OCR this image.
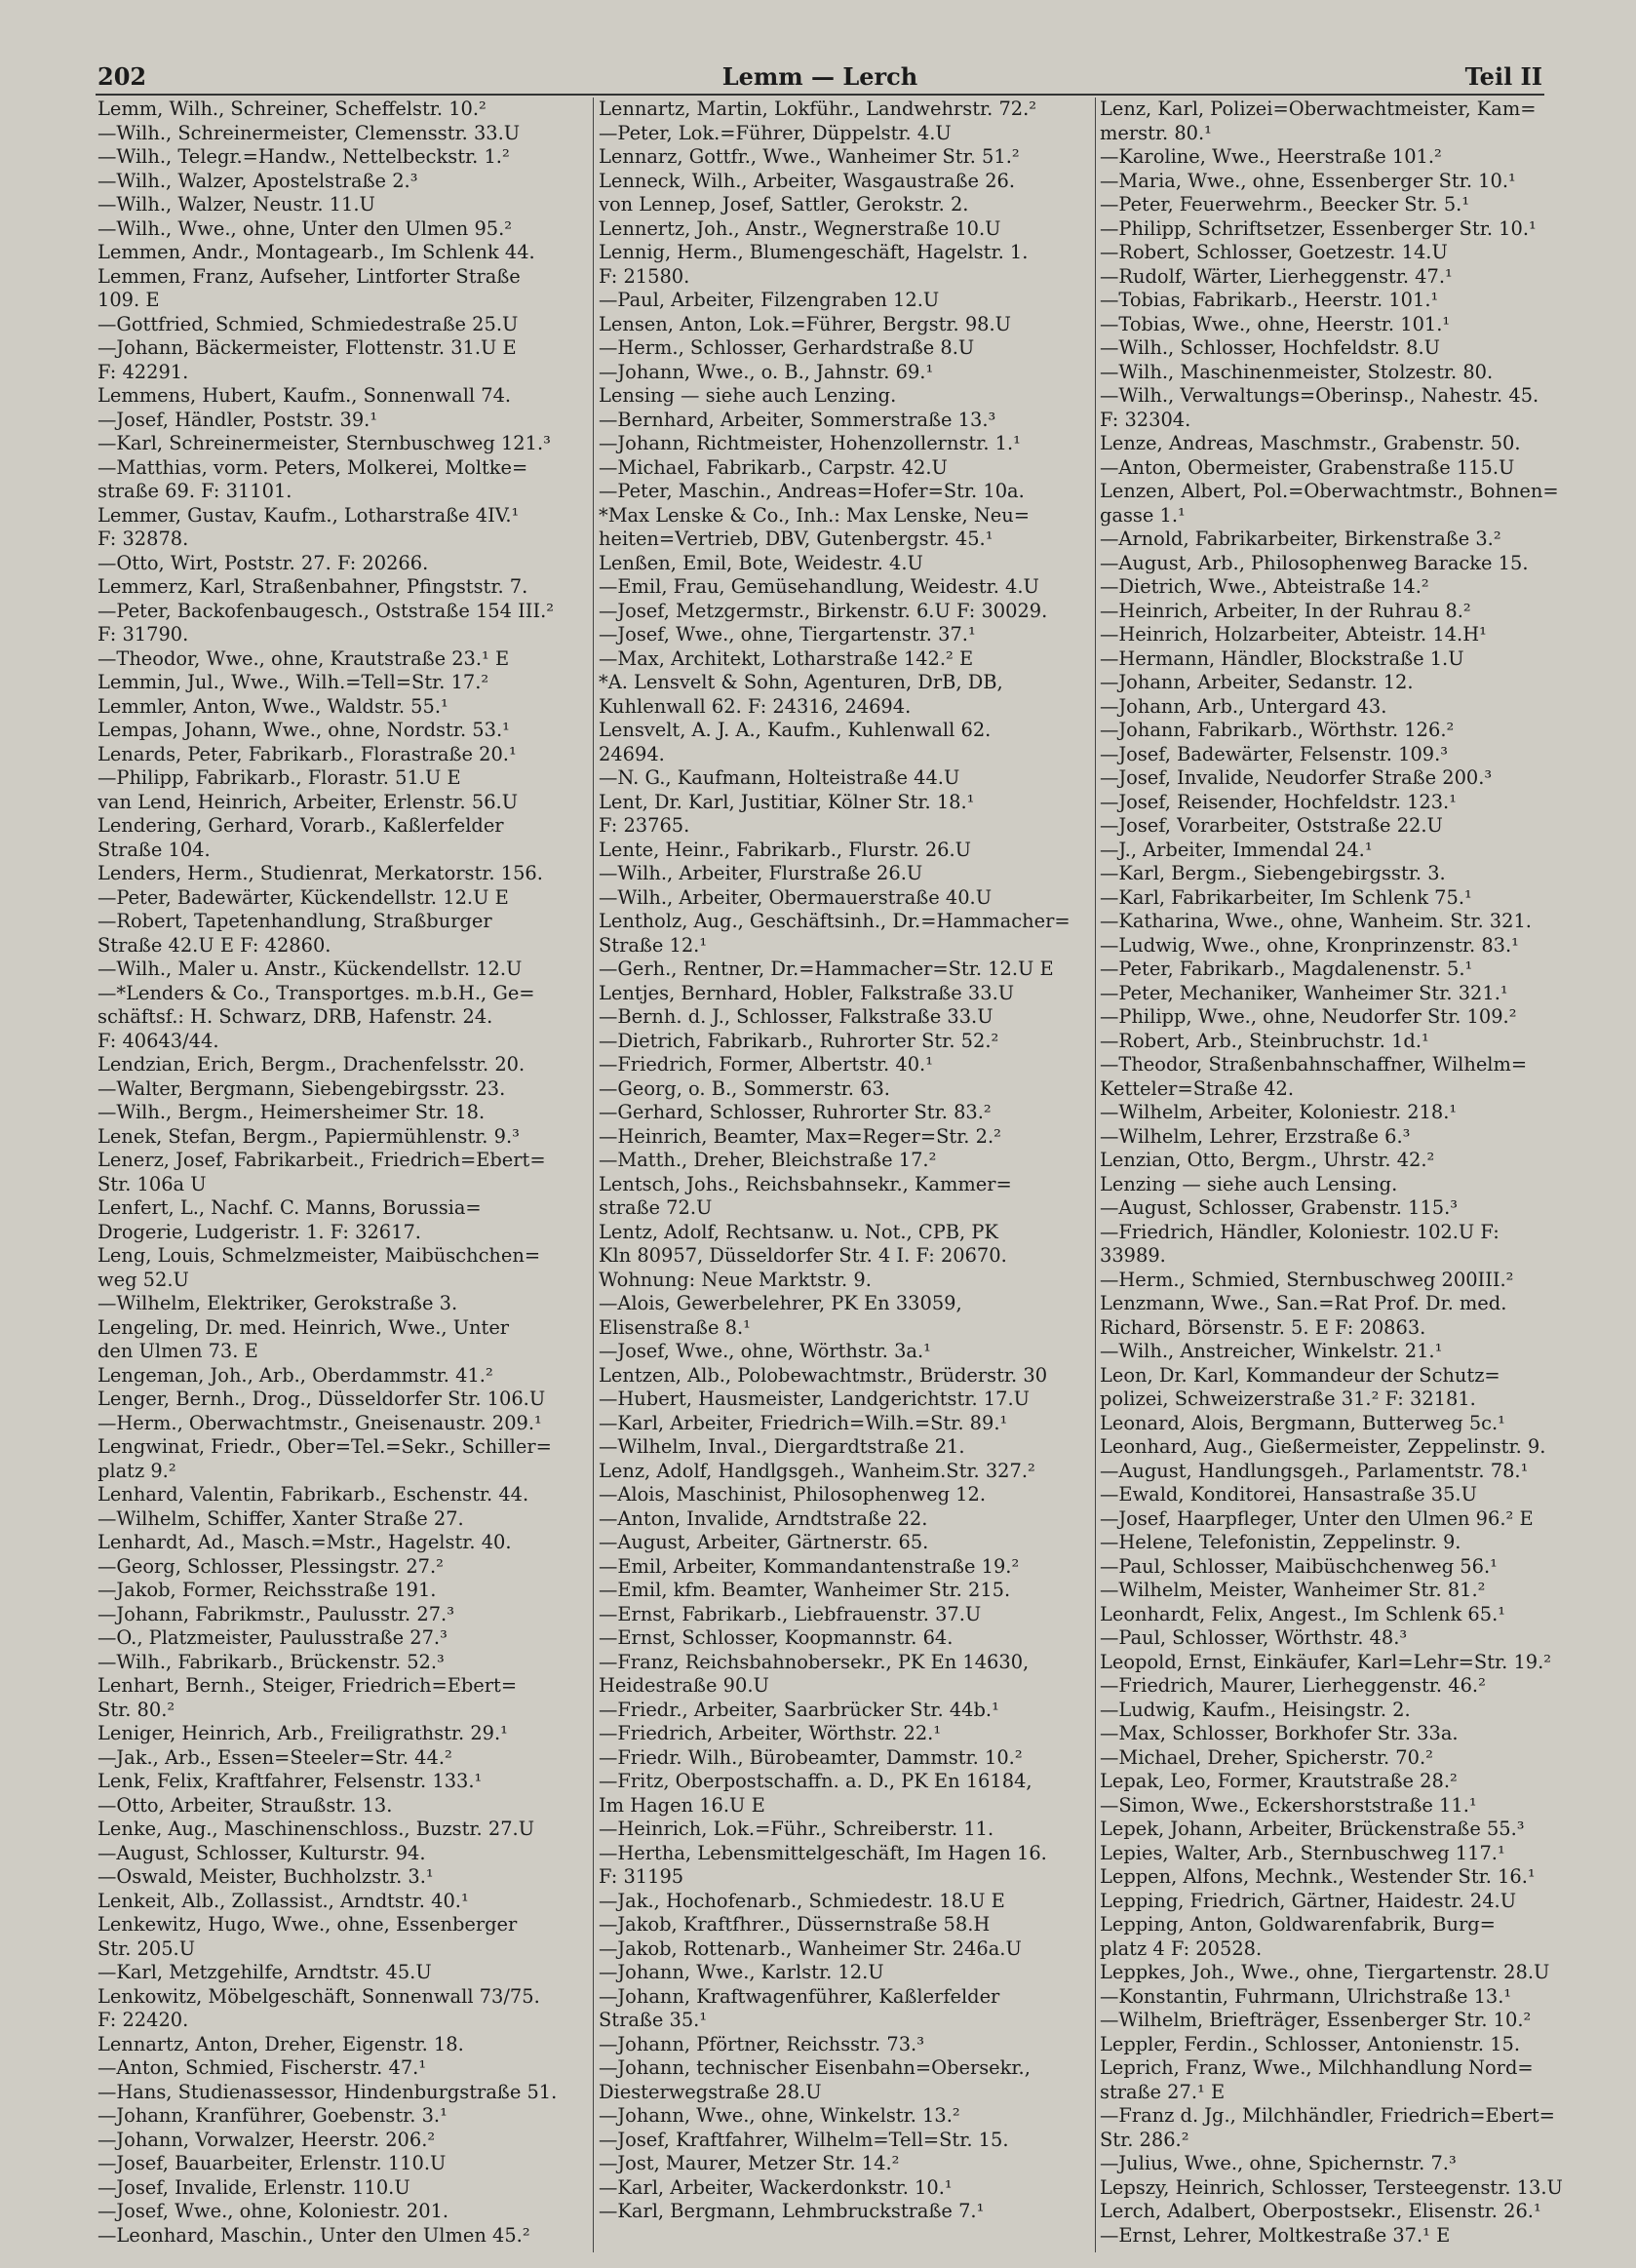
202	Lemm — Lerch	Teil II
Lemm, Wilh., Schreiner, Scheffelstr. 10.²
—Wilh., Schreinermeister, Clemensstr. 33.U
—Wilh., Telegr.=Handw., Nettelbeckstr. 1.²
—Wilh., Walzer, Apostelstraße 2.³
—Wilh., Walzer, Neustr. 11.U
—Wilh., Wwe., ohne, Unter den Ulmen 95.²
Lemmen, Andr., Montagearb., Im Schlenk 44.
Lemmen, Franz, Aufseher, Lintforter Straße
109. E
—Gottfried, Schmied, Schmiedestraße 25.U
—Johann, Bäckermeister, Flottenstr. 31.U E
F: 42291.
Lemmens, Hubert, Kaufm., Sonnenwall 74.
—Josef, Händler, Poststr. 39.¹
—Karl, Schreinermeister, Sternbuschweg 121.³
—Matthias, vorm. Peters, Molkerei, Moltke=
straße 69. F: 31101.
Lemmer, Gustav, Kaufm., Lotharstraße 4IV.¹
F: 32878.
—Otto, Wirt, Poststr. 27. F: 20266.
Lemmerz, Karl, Straßenbahner, Pfingststr. 7.
—Peter, Backofenbaugesch., Oststraße 154 III.²
F: 31790.
—Theodor, Wwe., ohne, Krautstraße 23.¹ E
Lemmin, Jul., Wwe., Wilh.=Tell=Str. 17.²
Lemmler, Anton, Wwe., Waldstr. 55.¹
Lempas, Johann, Wwe., ohne, Nordstr. 53.¹
Lenards, Peter, Fabrikarb., Florastraße 20.¹
—Philipp, Fabrikarb., Florastr. 51.U E
van Lend, Heinrich, Arbeiter, Erlenstr. 56.U
Lendering, Gerhard, Vorarb., Kaßlerfelder
Straße 104.
Lenders, Herm., Studienrat, Merkatorstr. 156.
—Peter, Badewärter, Kückendellstr. 12.U E
—Robert, Tapetenhandlung, Straßburger
Straße 42.U E F: 42860.
—Wilh., Maler u. Anstr., Kückendellstr. 12.U
—*Lenders & Co., Transportges. m.b.H., Ge=
schäftsf.: H. Schwarz, DRB, Hafenstr. 24.
F: 40643/44.
Lendzian, Erich, Bergm., Drachenfelsstr. 20.
—Walter, Bergmann, Siebengebirgsstr. 23.
—Wilh., Bergm., Heimersheimer Str. 18.
Lenek, Stefan, Bergm., Papiermühlenstr. 9.³
Lenerz, Josef, Fabrikarbeit., Friedrich=Ebert=
Str. 106a U
Lenfert, L., Nachf. C. Manns, Borussia=
Drogerie, Ludgeristr. 1. F: 32617.
Leng, Louis, Schmelzmeister, Maibüschchen=
weg 52.U
—Wilhelm, Elektriker, Gerokstraße 3.
Lengeling, Dr. med. Heinrich, Wwe., Unter
den Ulmen 73. E
Lengeman, Joh., Arb., Oberdammstr. 41.²
Lenger, Bernh., Drog., Düsseldorfer Str. 106.U
—Herm., Oberwachtmstr., Gneisenaustr. 209.¹
Lengwinat, Friedr., Ober=Tel.=Sekr., Schiller=
platz 9.²
Lenhard, Valentin, Fabrikarb., Eschenstr. 44.
—Wilhelm, Schiffer, Xanter Straße 27.
Lenhardt, Ad., Masch.=Mstr., Hagelstr. 40.
—Georg, Schlosser, Plessingstr. 27.²
—Jakob, Former, Reichsstraße 191.
—Johann, Fabrikmstr., Paulusstr. 27.³
—O., Platzmeister, Paulusstraße 27.³
—Wilh., Fabrikarb., Brückenstr. 52.³
Lenhart, Bernh., Steiger, Friedrich=Ebert=
Str. 80.²
Leniger, Heinrich, Arb., Freiligrathstr. 29.¹
—Jak., Arb., Essen=Steeler=Str. 44.²
Lenk, Felix, Kraftfahrer, Felsenstr. 133.¹
—Otto, Arbeiter, Straußstr. 13.
Lenke, Aug., Maschinenschloss., Buzstr. 27.U
—August, Schlosser, Kulturstr. 94.
—Oswald, Meister, Buchholzstr. 3.¹
Lenkeit, Alb., Zollassist., Arndtstr. 40.¹
Lenkewitz, Hugo, Wwe., ohne, Essenberger
Str. 205.U
—Karl, Metzgehilfe, Arndtstr. 45.U
Lenkowitz, Möbelgeschäft, Sonnenwall 73/75.
F: 22420.
Lennartz, Anton, Dreher, Eigenstr. 18.
—Anton, Schmied, Fischerstr. 47.¹
—Hans, Studienassessor, Hindenburgstraße 51.
—Johann, Kranführer, Goebenstr. 3.¹
—Johann, Vorwalzer, Heerstr. 206.²
—Josef, Bauarbeiter, Erlenstr. 110.U
—Josef, Invalide, Erlenstr. 110.U
—Josef, Wwe., ohne, Koloniestr. 201.
—Leonhard, Maschin., Unter den Ulmen 45.²
Lennartz, Martin, Lokführ., Landwehrstr. 72.²
—Peter, Lok.=Führer, Düppelstr. 4.U
Lennarz, Gottfr., Wwe., Wanheimer Str. 51.²
Lenneck, Wilh., Arbeiter, Wasgaustraße 26.
von Lennep, Josef, Sattler, Gerokstr. 2.
Lennertz, Joh., Anstr., Wegnerstraße 10.U
Lennig, Herm., Blumengeschäft, Hagelstr. 1.
F: 21580.
—Paul, Arbeiter, Filzengraben 12.U
Lensen, Anton, Lok.=Führer, Bergstr. 98.U
—Herm., Schlosser, Gerhardstraße 8.U
—Johann, Wwe., o. B., Jahnstr. 69.¹
Lensing — siehe auch Lenzing.
—Bernhard, Arbeiter, Sommerstraße 13.³
—Johann, Richtmeister, Hohenzollernstr. 1.¹
—Michael, Fabrikarb., Carpstr. 42.U
—Peter, Maschin., Andreas=Hofer=Str. 10a.
*Max Lenske & Co., Inh.: Max Lenske, Neu=
heiten=Vertrieb, DBV, Gutenbergstr. 45.¹
Lenßen, Emil, Bote, Weidestr. 4.U
—Emil, Frau, Gemüsehandlung, Weidestr. 4.U
—Josef, Metzgermstr., Birkenstr. 6.U F: 30029.
—Josef, Wwe., ohne, Tiergartenstr. 37.¹
—Max, Architekt, Lotharstraße 142.² E
*A. Lensvelt & Sohn, Agenturen, DrB, DB,
Kuhlenwall 62. F: 24316, 24694.
Lensvelt, A. J. A., Kaufm., Kuhlenwall 62.
24694.
—N. G., Kaufmann, Holteistraße 44.U
Lent, Dr. Karl, Justitiar, Kölner Str. 18.¹
F: 23765.
Lente, Heinr., Fabrikarb., Flurstr. 26.U
—Wilh., Arbeiter, Flurstraße 26.U
—Wilh., Arbeiter, Obermauerstraße 40.U
Lentholz, Aug., Geschäftsinh., Dr.=Hammacher=
Straße 12.¹
—Gerh., Rentner, Dr.=Hammacher=Str. 12.U E
Lentjes, Bernhard, Hobler, Falkstraße 33.U
—Bernh. d. J., Schlosser, Falkstraße 33.U
—Dietrich, Fabrikarb., Ruhrorter Str. 52.²
—Friedrich, Former, Albertstr. 40.¹
—Georg, o. B., Sommerstr. 63.
—Gerhard, Schlosser, Ruhrorter Str. 83.²
—Heinrich, Beamter, Max=Reger=Str. 2.²
—Matth., Dreher, Bleichstraße 17.²
Lentsch, Johs., Reichsbahnsekr., Kammer=
straße 72.U
Lentz, Adolf, Rechtsanw. u. Not., CPB, PK
Kln 80957, Düsseldorfer Str. 4 I. F: 20670.
Wohnung: Neue Marktstr. 9.
—Alois, Gewerbelehrer, PK En 33059,
Elisenstraße 8.¹
—Josef, Wwe., ohne, Wörthstr. 3a.¹
Lentzen, Alb., Polobewachtmstr., Brüderstr. 30
—Hubert, Hausmeister, Landgerichtstr. 17.U
—Karl, Arbeiter, Friedrich=Wilh.=Str. 89.¹
—Wilhelm, Inval., Diergardtstraße 21.
Lenz, Adolf, Handlgsgeh., Wanheim.Str. 327.²
—Alois, Maschinist, Philosophenweg 12.
—Anton, Invalide, Arndtstraße 22.
—August, Arbeiter, Gärtnerstr. 65.
—Emil, Arbeiter, Kommandantenstraße 19.²
—Emil, kfm. Beamter, Wanheimer Str. 215.
—Ernst, Fabrikarb., Liebfrauenstr. 37.U
—Ernst, Schlosser, Koopmannstr. 64.
—Franz, Reichsbahnobersekr., PK En 14630,
Heidestraße 90.U
—Friedr., Arbeiter, Saarbrücker Str. 44b.¹
—Friedrich, Arbeiter, Wörthstr. 22.¹
—Friedr. Wilh., Bürobeamter, Dammstr. 10.²
—Fritz, Oberpostschaffn. a. D., PK En 16184,
Im Hagen 16.U E
—Heinrich, Lok.=Führ., Schreiberstr. 11.
—Hertha, Lebensmittelgeschäft, Im Hagen 16.
F: 31195
—Jak., Hochofenarb., Schmiedestr. 18.U E
—Jakob, Kraftfhrer., Düssernstraße 58.H
—Jakob, Rottenarb., Wanheimer Str. 246a.U
—Johann, Wwe., Karlstr. 12.U
—Johann, Kraftwagenführer, Kaßlerfelder
Straße 35.¹
—Johann, Pförtner, Reichsstr. 73.³
—Johann, technischer Eisenbahn=Obersekr.,
Diesterwegstraße 28.U
—Johann, Wwe., ohne, Winkelstr. 13.²
—Josef, Kraftfahrer, Wilhelm=Tell=Str. 15.
—Jost, Maurer, Metzer Str. 14.²
—Karl, Arbeiter, Wackerdonkstr. 10.¹
—Karl, Bergmann, Lehmbruckstraße 7.¹
Lenz, Karl, Polizei=Oberwachtmeister, Kam=
merstr. 80.¹
—Karoline, Wwe., Heerstraße 101.²
—Maria, Wwe., ohne, Essenberger Str. 10.¹
—Peter, Feuerwehrm., Beecker Str. 5.¹
—Philipp, Schriftsetzer, Essenberger Str. 10.¹
—Robert, Schlosser, Goetzestr. 14.U
—Rudolf, Wärter, Lierheggenstr. 47.¹
—Tobias, Fabrikarb., Heerstr. 101.¹
—Tobias, Wwe., ohne, Heerstr. 101.¹
—Wilh., Schlosser, Hochfeldstr. 8.U
—Wilh., Maschinenmeister, Stolzestr. 80.
—Wilh., Verwaltungs=Oberinsp., Nahestr. 45.
F: 32304.
Lenze, Andreas, Maschmstr., Grabenstr. 50.
—Anton, Obermeister, Grabenstraße 115.U
Lenzen, Albert, Pol.=Oberwachtmstr., Bohnen=
gasse 1.¹
—Arnold, Fabrikarbeiter, Birkenstraße 3.²
—August, Arb., Philosophenweg Baracke 15.
—Dietrich, Wwe., Abteistraße 14.²
—Heinrich, Arbeiter, In der Ruhrau 8.²
—Heinrich, Holzarbeiter, Abteistr. 14.H¹
—Hermann, Händler, Blockstraße 1.U
—Johann, Arbeiter, Sedanstr. 12.
—Johann, Arb., Untergard 43.
—Johann, Fabrikarb., Wörthstr. 126.²
—Josef, Badewärter, Felsenstr. 109.³
—Josef, Invalide, Neudorfer Straße 200.³
—Josef, Reisender, Hochfeldstr. 123.¹
—Josef, Vorarbeiter, Oststraße 22.U
—J., Arbeiter, Immendal 24.¹
—Karl, Bergm., Siebengebirgsstr. 3.
—Karl, Fabrikarbeiter, Im Schlenk 75.¹
—Katharina, Wwe., ohne, Wanheim. Str. 321.
—Ludwig, Wwe., ohne, Kronprinzenstr. 83.¹
—Peter, Fabrikarb., Magdalenenstr. 5.¹
—Peter, Mechaniker, Wanheimer Str. 321.¹
—Philipp, Wwe., ohne, Neudorfer Str. 109.²
—Robert, Arb., Steinbruchstr. 1d.¹
—Theodor, Straßenbahnschaffner, Wilhelm=
Ketteler=Straße 42.
—Wilhelm, Arbeiter, Koloniestr. 218.¹
—Wilhelm, Lehrer, Erzstraße 6.³
Lenzian, Otto, Bergm., Uhrstr. 42.²
Lenzing — siehe auch Lensing.
—August, Schlosser, Grabenstr. 115.³
—Friedrich, Händler, Koloniestr. 102.U F:
33989.
—Herm., Schmied, Sternbuschweg 200III.²
Lenzmann, Wwe., San.=Rat Prof. Dr. med.
Richard, Börsenstr. 5. E F: 20863.
—Wilh., Anstreicher, Winkelstr. 21.¹
Leon, Dr. Karl, Kommandeur der Schutz=
polizei, Schweizerstraße 31.² F: 32181.
Leonard, Alois, Bergmann, Butterweg 5c.¹
Leonhard, Aug., Gießermeister, Zeppelinstr. 9.
—August, Handlungsgeh., Parlamentstr. 78.¹
—Ewald, Konditorei, Hansastraße 35.U
—Josef, Haarpfleger, Unter den Ulmen 96.² E
—Helene, Telefonistin, Zeppelinstr. 9.
—Paul, Schlosser, Maibüschchenweg 56.¹
—Wilhelm, Meister, Wanheimer Str. 81.²
Leonhardt, Felix, Angest., Im Schlenk 65.¹
—Paul, Schlosser, Wörthstr. 48.³
Leopold, Ernst, Einkäufer, Karl=Lehr=Str. 19.²
—Friedrich, Maurer, Lierheggenstr. 46.²
—Ludwig, Kaufm., Heisingstr. 2.
—Max, Schlosser, Borkhofer Str. 33a.
—Michael, Dreher, Spicherstr. 70.²
Lepak, Leo, Former, Krautstraße 28.²
—Simon, Wwe., Eckershorststraße 11.¹
Lepek, Johann, Arbeiter, Brückenstraße 55.³
Lepies, Walter, Arb., Sternbuschweg 117.¹
Leppen, Alfons, Mechnk., Westender Str. 16.¹
Lepping, Friedrich, Gärtner, Haidestr. 24.U
Lepping, Anton, Goldwarenfabrik, Burg=
platz 4 F: 20528.
Leppkes, Joh., Wwe., ohne, Tiergartenstr. 28.U
—Konstantin, Fuhrmann, Ulrichstraße 13.¹
—Wilhelm, Briefträger, Essenberger Str. 10.²
Leppler, Ferdin., Schlosser, Antonienstr. 15.
Leprich, Franz, Wwe., Milchhandlung Nord=
straße 27.¹ E
—Franz d. Jg., Milchhändler, Friedrich=Ebert=
Str. 286.²
—Julius, Wwe., ohne, Spichernstr. 7.³
Lepszy, Heinrich, Schlosser, Tersteegenstr. 13.U
Lerch, Adalbert, Oberpostsekr., Elisenstr. 26.¹
—Ernst, Lehrer, Moltkestraße 37.¹ E
